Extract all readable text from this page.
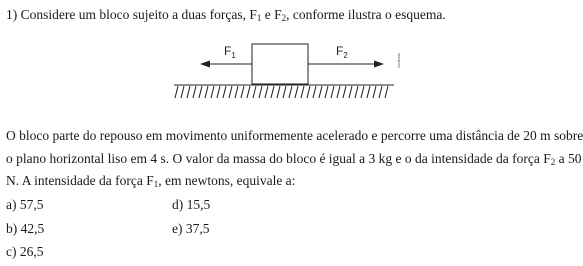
1) Considere um bloco sujeito a duas forças, $F_1$ e $F_2$, conforme ilustra o esquema.
$F_1$	$F_2$	contexto
O bloco parte do repouso em movimento uniformemente acelerado e percorre uma distância de 20 m sobre
o plano horizontal liso em 4 s. O valor da massa do bloco é igual a 3 kg e o da intensidade da força $F_2$ a 50
N. A intensidade da força $F_1$, em newtons, equivale a:
a) 57,5
b) 42,5
c) 26,5
d) 15,5
e) 37,5
